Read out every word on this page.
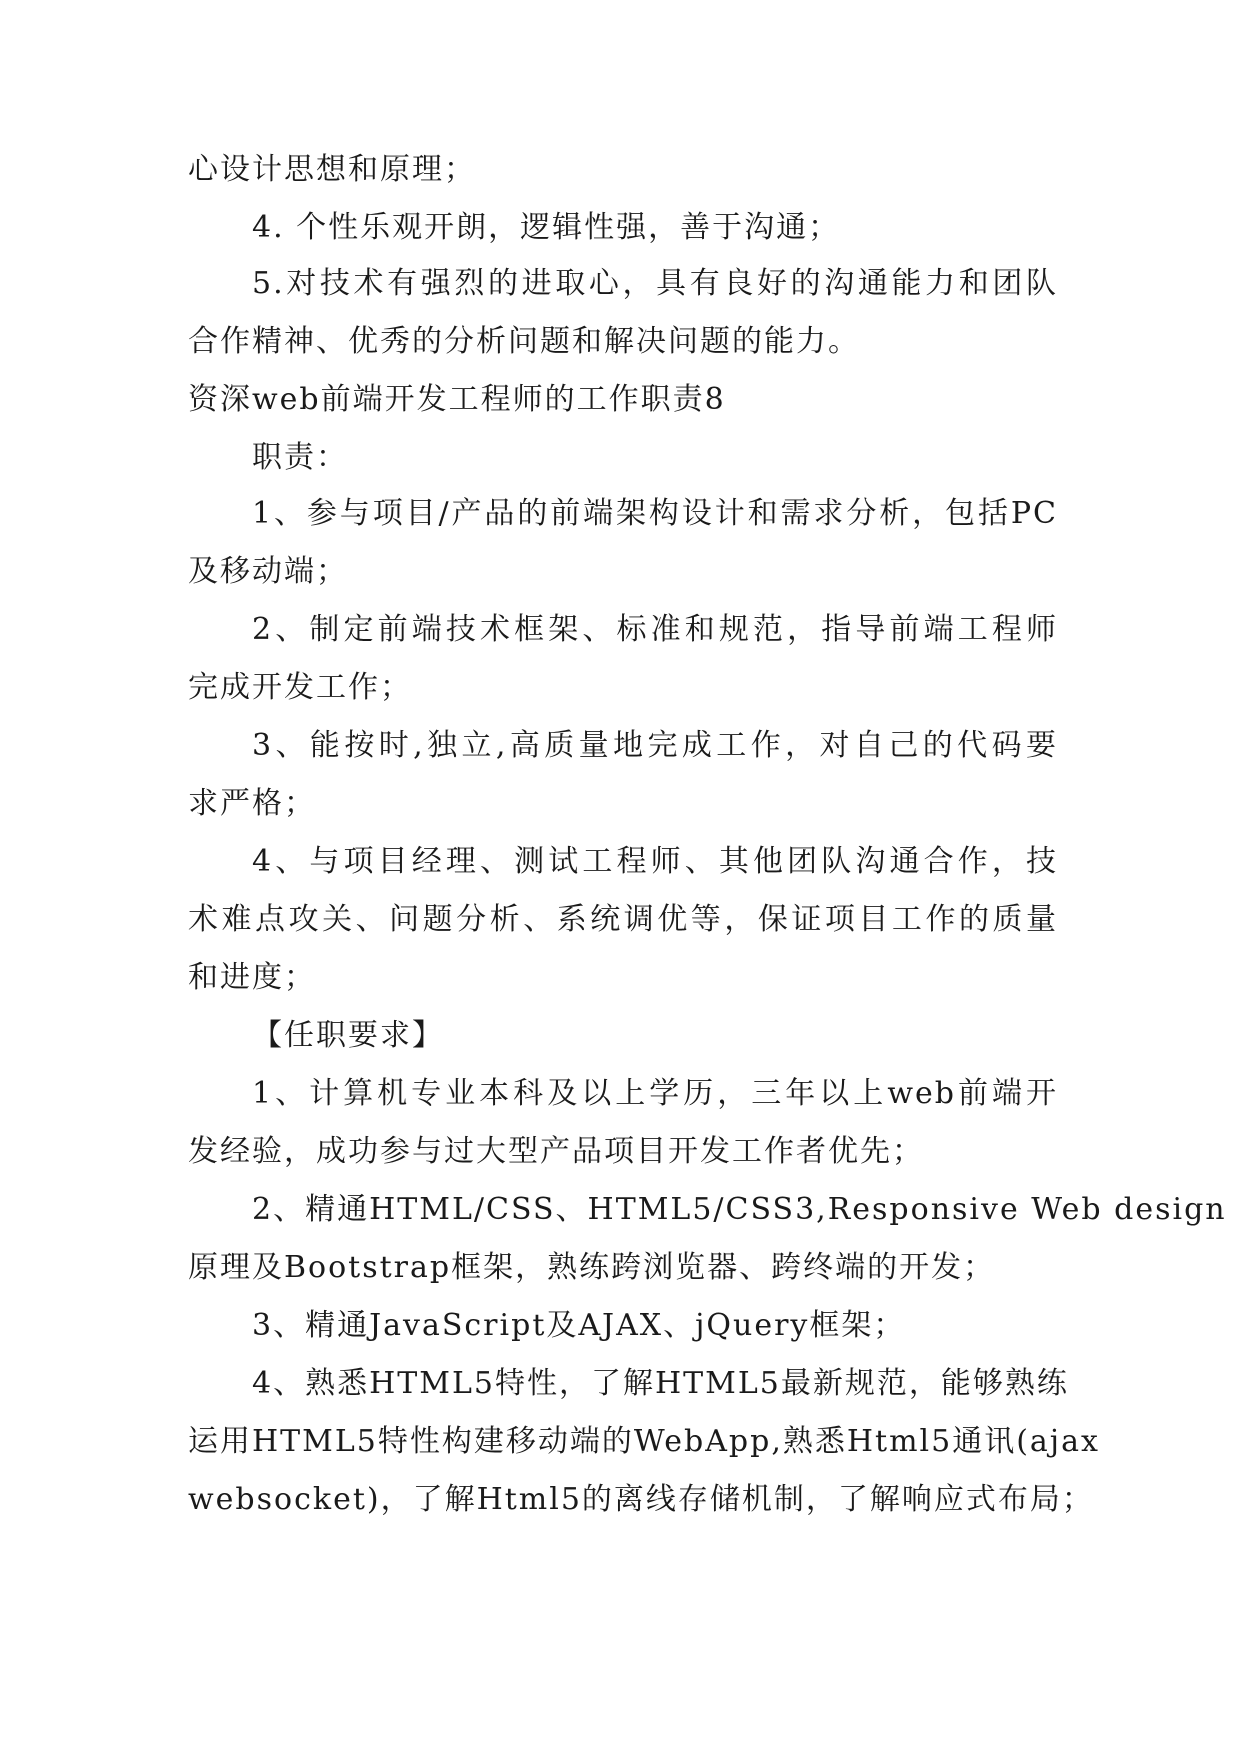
心设计思想和原理；
4. 个性乐观开朗，逻辑性强，善于沟通；
5.对技术有强烈的进取心，具有良好的沟通能力和团队
合作精神、优秀的分析问题和解决问题的能力。
资深web前端开发工程师的工作职责8
职责：
1、参与项目/产品的前端架构设计和需求分析，包括PC
及移动端；
2、制定前端技术框架、标准和规范，指导前端工程师
完成开发工作；
3、能按时,独立,高质量地完成工作，对自己的代码要
求严格；
4、与项目经理、测试工程师、其他团队沟通合作，技
术难点攻关、问题分析、系统调优等，保证项目工作的质量
和进度；
【任职要求】
1、计算机专业本科及以上学历，三年以上web前端开
发经验，成功参与过大型产品项目开发工作者优先；
2、精通HTML/CSS、HTML5/CSS3,Responsive Web design
原理及Bootstrap框架，熟练跨浏览器、跨终端的开发；
3、精通JavaScript及AJAX、jQuery框架；
4、熟悉HTML5特性，了解HTML5最新规范，能够熟练
运用HTML5特性构建移动端的WebApp,熟悉Html5通讯(ajax
websocket)，了解Html5的离线存储机制，了解响应式布局；
